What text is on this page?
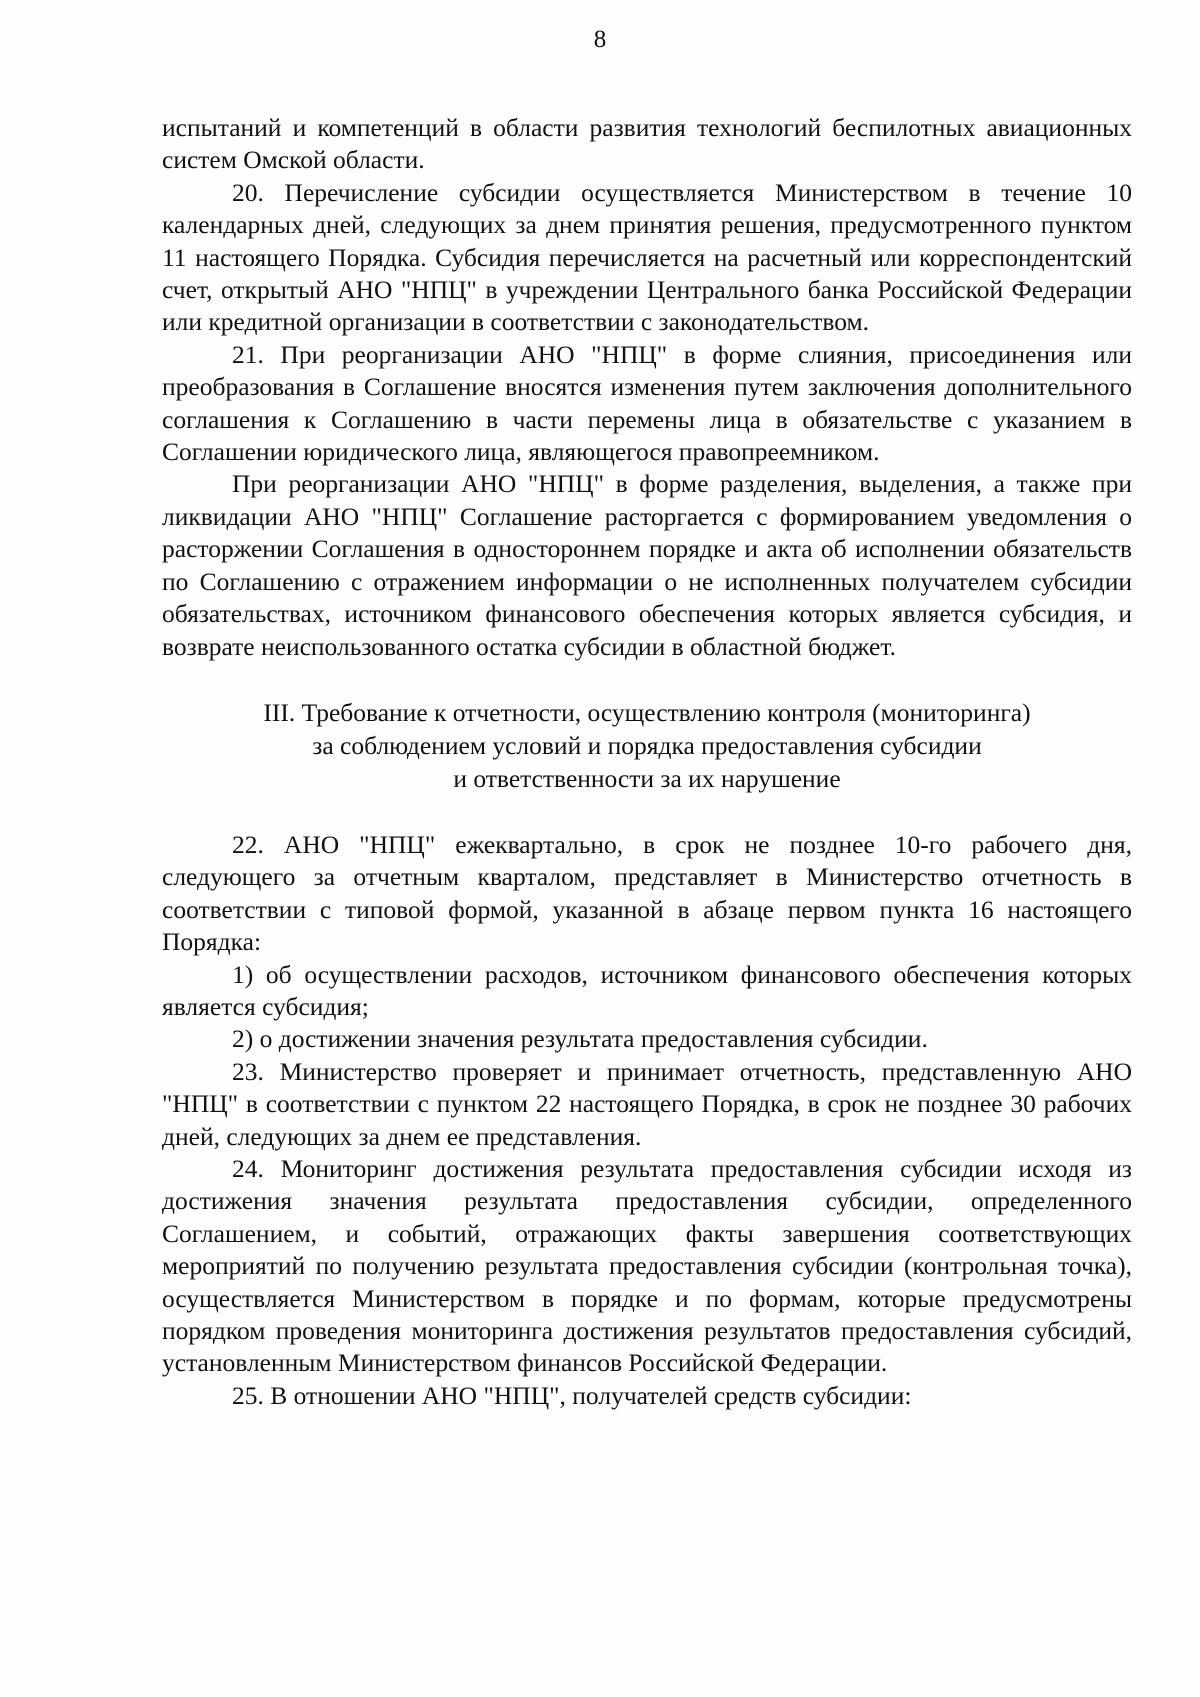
8

испытаний и компетенций в области развития технологий беспилотных авиационных систем Омской области.

20. Перечисление субсидии осуществляется Министерством в течение 10 календарных дней, следующих за днем принятия решения, предусмотренного пунктом 11 настоящего Порядка. Субсидия перечисляется на расчетный или корреспондентский счет, открытый АНО "НПЦ" в учреждении Центрального банка Российской Федерации или кредитной организации в соответствии с законодательством.

21. При реорганизации АНО "НПЦ" в форме слияния, присоединения или преобразования в Соглашение вносятся изменения путем заключения дополнительного соглашения к Соглашению в части перемены лица в обязательстве с указанием в Соглашении юридического лица, являющегося правопреемником.

При реорганизации АНО "НПЦ" в форме разделения, выделения, а также при ликвидации АНО "НПЦ" Соглашение расторгается с формированием уведомления о расторжении Соглашения в одностороннем порядке и акта об исполнении обязательств по Соглашению с отражением информации о не исполненных получателем субсидии обязательствах, источником финансового обеспечения которых является субсидия, и возврате неиспользованного остатка субсидии в областной бюджет.

III. Требование к отчетности, осуществлению контроля (мониторинга)
за соблюдением условий и порядка предоставления субсидии
и ответственности за их нарушение

22. АНО "НПЦ" ежеквартально, в срок не позднее 10-го рабочего дня, следующего за отчетным кварталом, представляет в Министерство отчетность в соответствии с типовой формой, указанной в абзаце первом пункта 16 настоящего Порядка:

1) об осуществлении расходов, источником финансового обеспечения которых является субсидия;

2) о достижении значения результата предоставления субсидии.

23. Министерство проверяет и принимает отчетность, представленную АНО "НПЦ" в соответствии с пунктом 22 настоящего Порядка, в срок не позднее 30 рабочих дней, следующих за днем ее представления.

24. Мониторинг достижения результата предоставления субсидии исходя из достижения значения результата предоставления субсидии, определенного Соглашением, и событий, отражающих факты завершения соответствующих мероприятий по получению результата предоставления субсидии (контрольная точка), осуществляется Министерством в порядке и по формам, которые предусмотрены порядком проведения мониторинга достижения результатов предоставления субсидий, установленным Министерством финансов Российской Федерации.

25. В отношении АНО "НПЦ", получателей средств субсидии:
